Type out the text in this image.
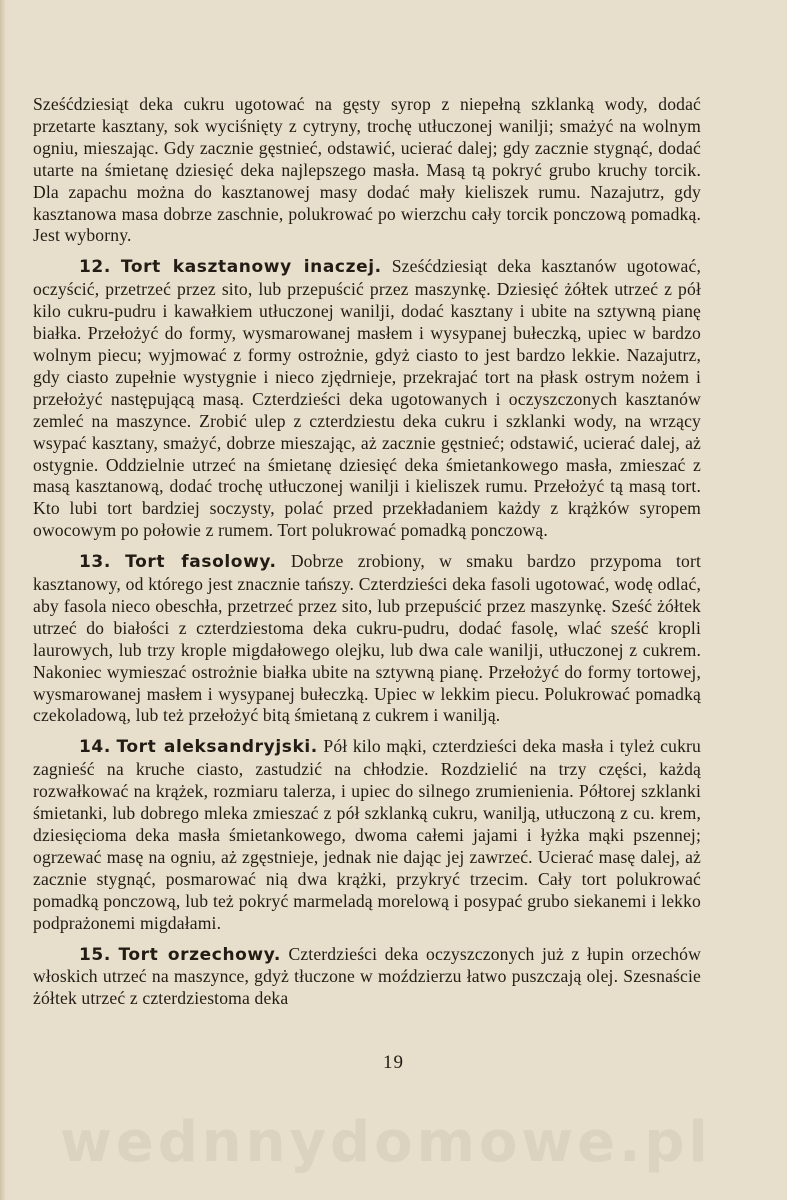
Sześćdziesiąt deka cukru ugotować na gęsty syrop z niepełną szklanką wody, dodać przetarte kasztany, sok wyciśnięty z cytryny, trochę utłuczonej wanilji; smażyć na wolnym ogniu, mieszając. Gdy zacznie gęstnieć, odstawić, ucierać dalej; gdy zacznie stygnąć, dodać utarte na śmietanę dziesięć deka najlepszego masła. Masą tą pokryć grubo kruchy torcik. Dla zapachu można do kasztanowej masy dodać mały kieliszek rumu. Nazajutrz, gdy kasztanowa masa dobrze zaschnie, polukrować po wierzchu cały torcik ponczową pomadką. Jest wyborny.

12. Tort kasztanowy inaczej. Sześćdziesiąt deka kasztanów ugotować, oczyścić, przetrzeć przez sito, lub przepuścić przez maszynkę. Dziesięć żółtek utrzeć z pół kilo cukru-pudru i kawałkiem utłuczonej wanilji, dodać kasztany i ubite na sztywną pianę białka. Przełożyć do formy, wysmarowanej masłem i wysypanej bułeczką, upiec w bardzo wolnym piecu; wyjmować z formy ostrożnie, gdyż ciasto to jest bardzo lekkie. Nazajutrz, gdy ciasto zupełnie wystygnie i nieco zjędrnieje, przekrajać tort na płask ostrym nożem i przełożyć następującą masą. Czterdzieści deka ugotowanych i oczyszczonych kasztanów zemleć na maszynce. Zrobić ulep z czterdziestu deka cukru i szklanki wody, na wrzący wsypać kasztany, smażyć, dobrze mieszając, aż zacznie gęstnieć; odstawić, ucierać dalej, aż ostygnie. Oddzielnie utrzeć na śmietanę dziesięć deka śmietankowego masła, zmieszać z masą kasztanową, dodać trochę utłuczonej wanilji i kieliszek rumu. Przełożyć tą masą tort. Kto lubi tort bardziej soczysty, polać przed przekładaniem każdy z krążków syropem owocowym po połowie z rumem. Tort polukrować pomadką ponczową.

13. Tort fasolowy. Dobrze zrobiony, w smaku bardzo przypoma tort kasztanowy, od którego jest znacznie tańszy. Czterdzieści deka fasoli ugotować, wodę odlać, aby fasola nieco obeschła, przetrzeć przez sito, lub przepuścić przez maszynkę. Sześć żółtek utrzeć do białości z czterdziestoma deka cukru-pudru, dodać fasolę, wlać sześć kropli laurowych, lub trzy krople migdałowego olejku, lub dwa cale wanilji, utłuczonej z cukrem. Nakoniec wymieszać ostrożnie białka ubite na sztywną pianę. Przełożyć do formy tortowej, wysmarowanej masłem i wysypanej bułeczką. Upiec w lekkim piecu. Polukrować pomadką czekoladową, lub też przełożyć bitą śmietaną z cukrem i wanilją.

14. Tort aleksandryjski. Pół kilo mąki, czterdzieści deka masła i tyleż cukru zagnieść na kruche ciasto, zastudzić na chłodzie. Rozdzielić na trzy części, każdą rozwałkować na krążek, rozmiaru talerza, i upiec do silnego zrumienienia. Półtorej szklanki śmietanki, lub dobrego mleka zmieszać z pół szklanką cukru, wanilją, utłuczoną z cu. krem, dziesięcioma deka masła śmietankowego, dwoma całemi jajami i łyżka mąki pszennej; ogrzewać masę na ogniu, aż zgęstnieje, jednak nie dając jej zawrzeć. Ucierać masę dalej, aż zacznie stygnąć, posmarować nią dwa krążki, przykryć trzecim. Cały tort polukrować pomadką ponczową, lub też pokryć marmeladą morelową i posypać grubo siekanemi i lekko podprażonemi migdałami.

15. Tort orzechowy. Czterdzieści deka oczyszczonych już z łupin orzechów włoskich utrzeć na maszynce, gdyż tłuczone w moździerzu łatwo puszczają olej. Szesnaście żółtek utrzeć z czterdziestoma deka

19
wednnydomowe.pl
